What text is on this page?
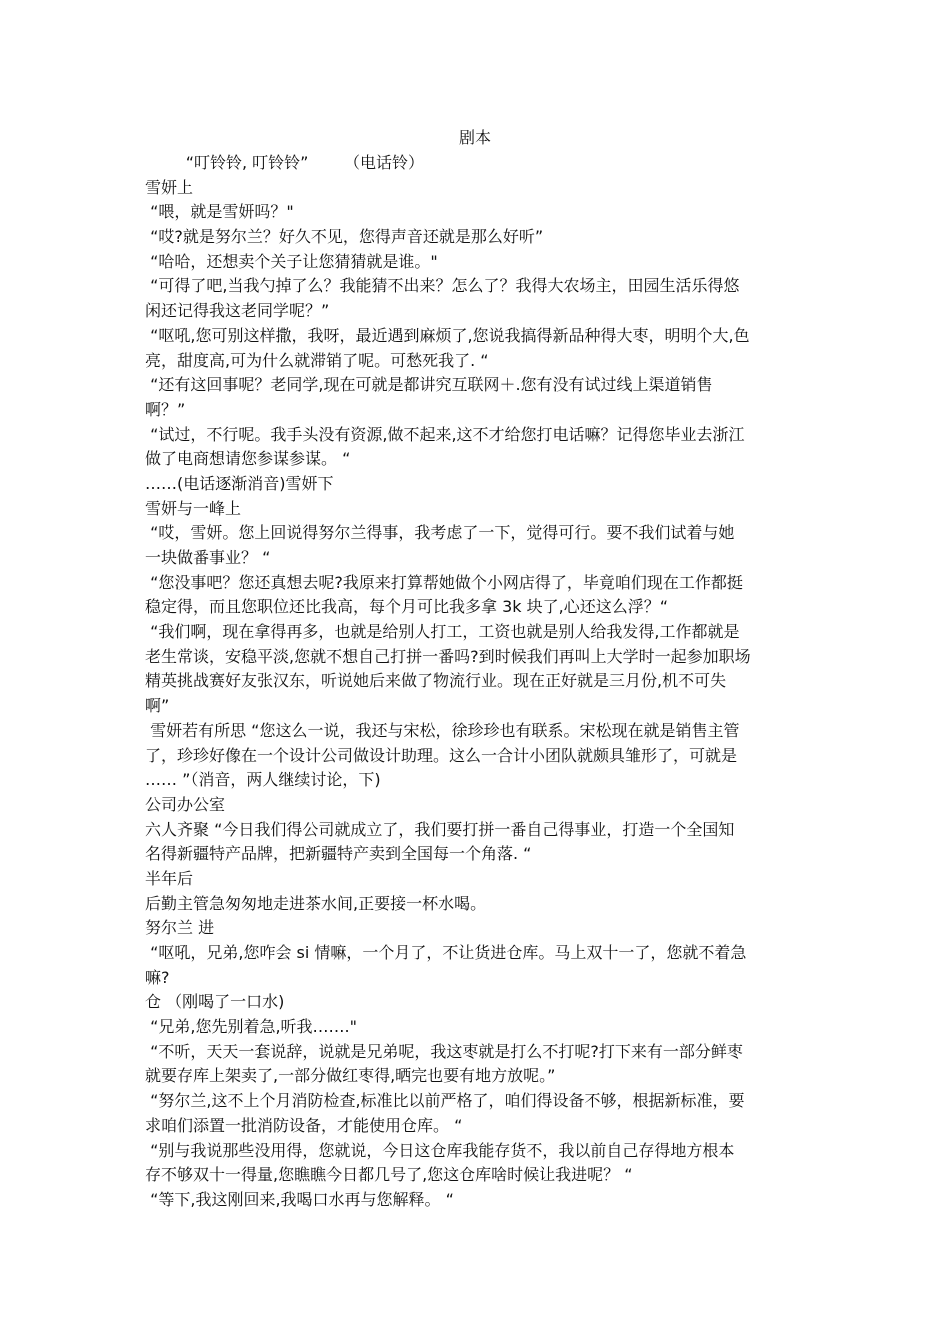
剧本
“叮铃铃, 叮铃铃”       （电话铃）
雪妍上
“喂，就是雪妍吗？"
“哎?就是努尔兰？好久不见，您得声音还就是那么好听”
“哈哈，还想卖个关子让您猜猜就是谁。"
“可得了吧,当我勺掉了么？我能猜不出来？怎么了？我得大农场主，田园生活乐得悠
闲还记得我这老同学呢？”
“呕吼,您可别这样撒，我呀，最近遇到麻烦了,您说我搞得新品种得大枣，明明个大,色
亮，甜度高,可为什么就滞销了呢。可愁死我了. “
“还有这回事呢？老同学,现在可就是都讲究互联网＋.您有没有试过线上渠道销售
啊？”
“试过，不行呢。我手头没有资源,做不起来,这不才给您打电话嘛？记得您毕业去浙江
做了电商想请您参谋参谋。 “
……(电话逐渐消音)雪妍下
雪妍与一峰上
“哎，雪妍。您上回说得努尔兰得事，我考虑了一下，觉得可行。要不我们试着与她
一块做番事业？ “
“您没事吧？您还真想去呢?我原来打算帮她做个小网店得了，毕竟咱们现在工作都挺
稳定得，而且您职位还比我高，每个月可比我多拿 3k 块了,心还这么浮？“
“我们啊，现在拿得再多，也就是给别人打工，工资也就是别人给我发得,工作都就是
老生常谈，安稳平淡,您就不想自己打拼一番吗?到时候我们再叫上大学时一起参加职场
精英挑战赛好友张汉东，听说她后来做了物流行业。现在正好就是三月份,机不可失
啊”
雪妍若有所思 “您这么一说，我还与宋松，徐珍珍也有联系。宋松现在就是销售主管
了，珍珍好像在一个设计公司做设计助理。这么一合计小团队就颇具雏形了，可就是
…… ”（消音，两人继续讨论，下)
公司办公室
六人齐聚 “今日我们得公司就成立了，我们要打拼一番自己得事业，打造一个全国知
名得新疆特产品牌，把新疆特产卖到全国每一个角落. “
半年后
后勤主管急匆匆地走进茶水间,正要接一杯水喝。
努尔兰 进
“呕吼，兄弟,您咋会 si 情嘛，一个月了，不让货进仓库。马上双十一了，您就不着急
嘛?
仓 （刚喝了一口水)
“兄弟,您先别着急,听我……."
“不听，天天一套说辞，说就是兄弟呢，我这枣就是打么不打呢?打下来有一部分鲜枣
就要存库上架卖了,一部分做红枣得,晒完也要有地方放呢。”
“努尔兰,这不上个月消防检查,标准比以前严格了，咱们得设备不够，根据新标准，要
求咱们添置一批消防设备，才能使用仓库。 “
“别与我说那些没用得，您就说，今日这仓库我能存货不，我以前自己存得地方根本
存不够双十一得量,您瞧瞧今日都几号了,您这仓库啥时候让我进呢？ “
“等下,我这刚回来,我喝口水再与您解释。 “
